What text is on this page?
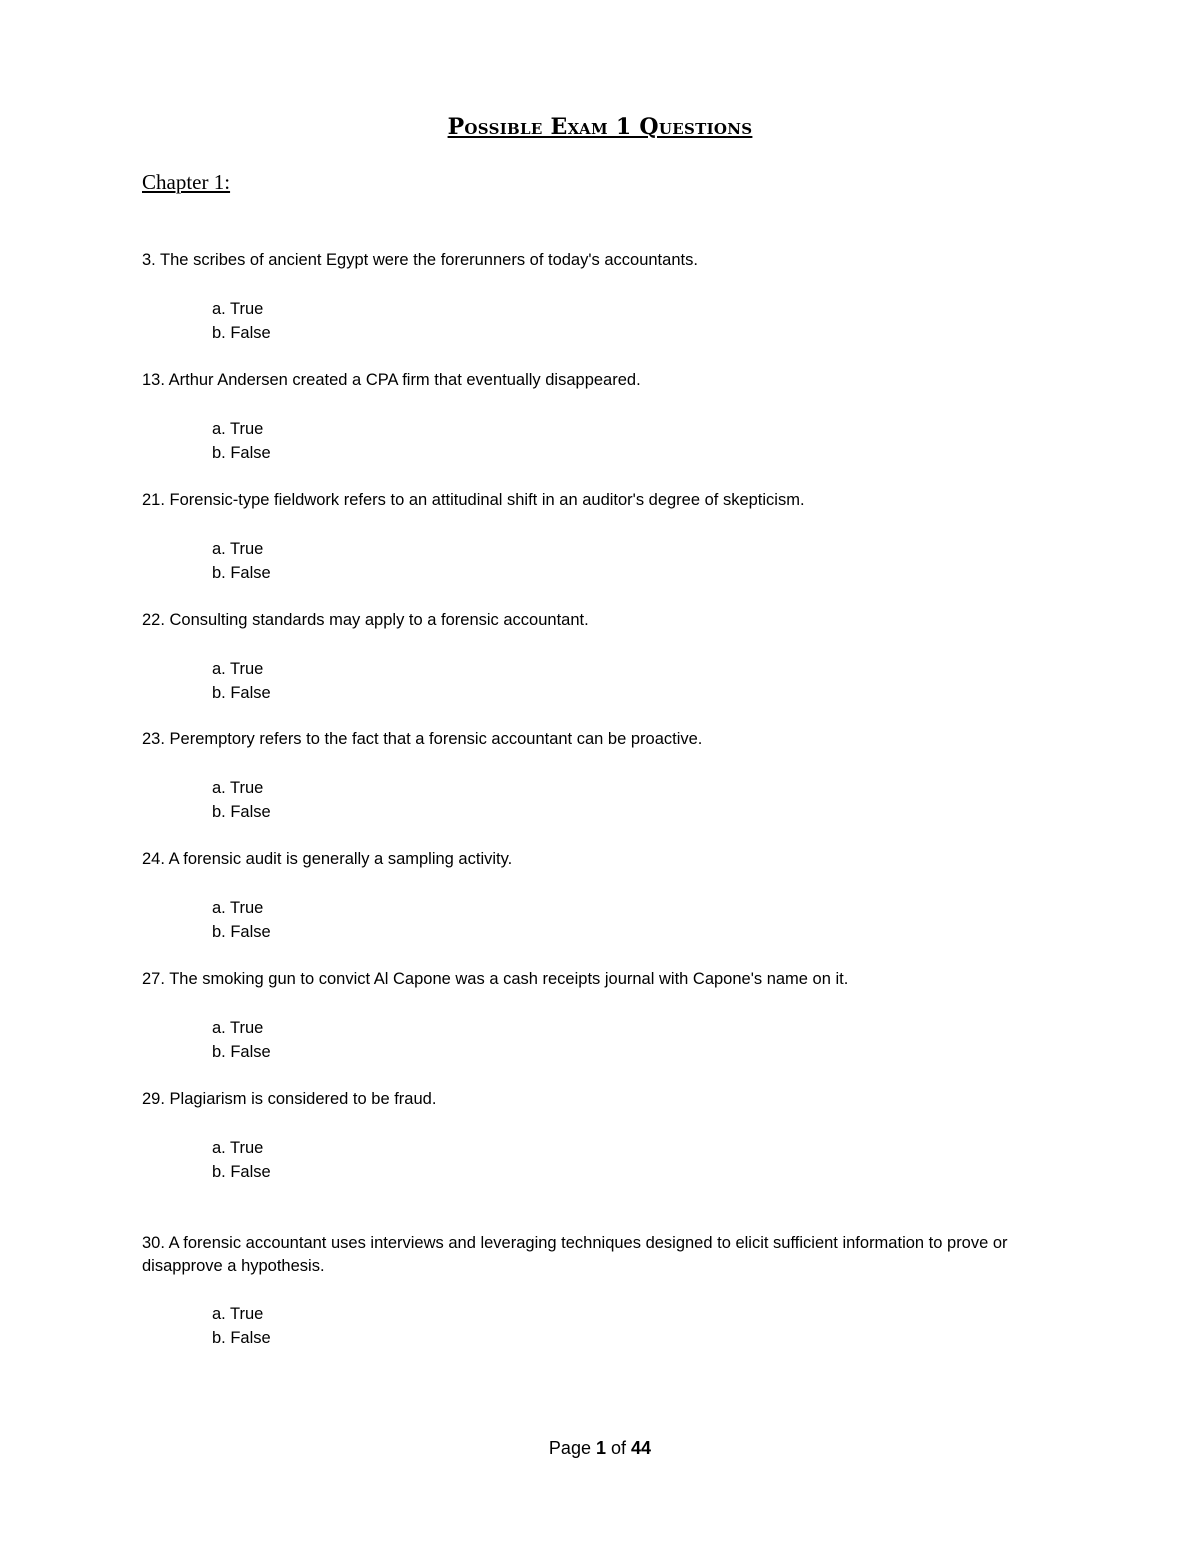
Possible Exam 1 Questions
Chapter 1:
3. The scribes of ancient Egypt were the forerunners of today's accountants.
a. True
b. False
13. Arthur Andersen created a CPA firm that eventually disappeared.
a. True
b. False
21. Forensic-type fieldwork refers to an attitudinal shift in an auditor's degree of skepticism.
a. True
b. False
22. Consulting standards may apply to a forensic accountant.
a. True
b. False
23. Peremptory refers to the fact that a forensic accountant can be proactive.
a. True
b. False
24. A forensic audit is generally a sampling activity.
a. True
b. False
27. The smoking gun to convict Al Capone was a cash receipts journal with Capone's name on it.
a. True
b. False
29. Plagiarism is considered to be fraud.
a. True
b. False
30. A forensic accountant uses interviews and leveraging techniques designed to elicit sufficient information to prove or disapprove a hypothesis.
a. True
b. False
Page 1 of 44
